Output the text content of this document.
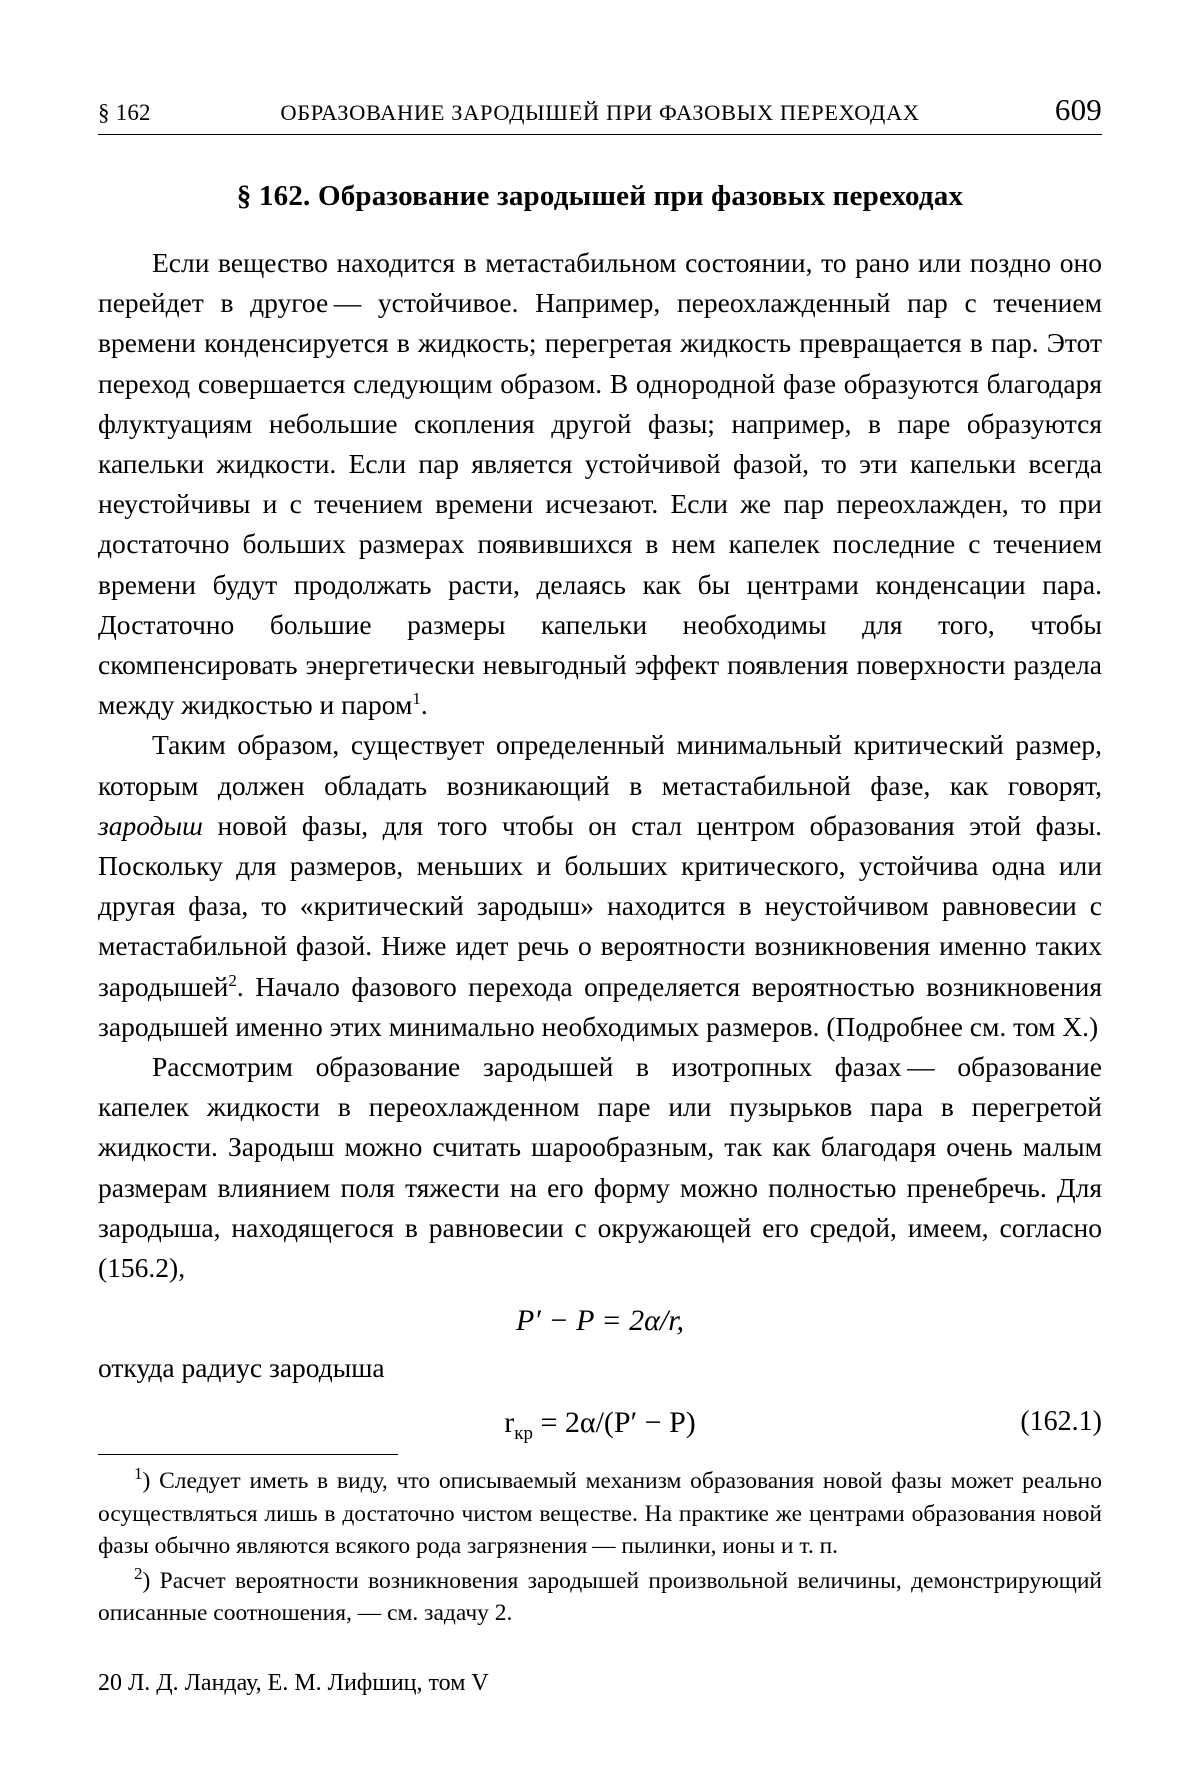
§ 162	ОБРАЗОВАНИЕ ЗАРОДЫШЕЙ ПРИ ФАЗОВЫХ ПЕРЕХОДАХ	609
§ 162. Образование зародышей при фазовых переходах

Если вещество находится в метастабильном состоянии, то рано или поздно оно перейдет в другое — устойчивое. Например, переохлажденный пар с течением времени конденсируется в жидкость; перегретая жидкость превращается в пар. Этот переход совершается следующим образом. В однородной фазе образуются благодаря флуктуациям небольшие скопления другой фазы; например, в паре образуются капельки жидкости. Если пар является устойчивой фазой, то эти капельки всегда неустойчивы и с течением времени исчезают. Если же пар переохлажден, то при достаточно больших размерах появившихся в нем капелек последние с течением времени будут продолжать расти, делаясь как бы центрами конденсации пара. Достаточно большие размеры капельки необходимы для того, чтобы скомпенсировать энергетически невыгодный эффект появления поверхности раздела между жидкостью и паром$^1$.

Таким образом, существует определенный минимальный критический размер, которым должен обладать возникающий в метастабильной фазе, как говорят, зародыш новой фазы, для того чтобы он стал центром образования этой фазы. Поскольку для размеров, меньших и больших критического, устойчива одна или другая фаза, то «критический зародыш» находится в неустойчивом равновесии с метастабильной фазой. Ниже идет речь о вероятности возникновения именно таких зародышей$^2$. Начало фазового перехода определяется вероятностью возникновения зародышей именно этих минимально необходимых размеров. (Подробнее см. том X.)

Рассмотрим образование зародышей в изотропных фазах — образование капелек жидкости в переохлажденном паре или пузырьков пара в перегретой жидкости. Зародыш можно считать шарообразным, так как благодаря очень малым размерам влиянием поля тяжести на его форму можно полностью пренебречь. Для зародыша, находящегося в равновесии с окружающей его средой, имеем, согласно (156.2),

P′ − P = 2α/r,

откуда радиус зародыша

$r_{кр} = 2\alpha/(P' - P)$	(162.1)

$^1$) Следует иметь в виду, что описываемый механизм образования новой фазы может реально осуществляться лишь в достаточно чистом веществе. На практике же центрами образования новой фазы обычно являются всякого рода загрязнения — пылинки, ионы и т. п.

$^2$) Расчет вероятности возникновения зародышей произвольной величины, демонстрирующий описанные соотношения, — см. задачу 2.

20 Л. Д. Ландау, Е. М. Лифшиц, том V
